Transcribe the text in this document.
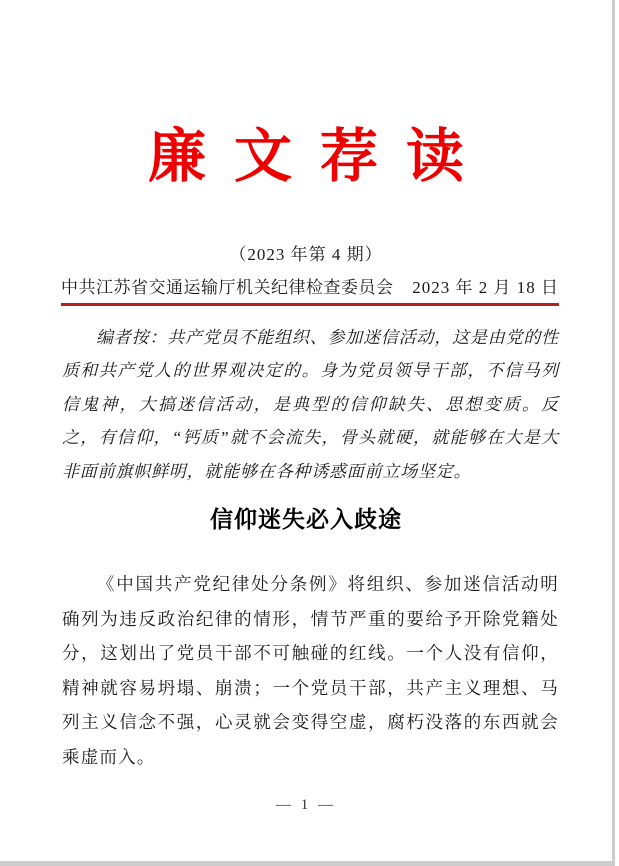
廉文荐读
（2023 年第 4 期）
中共江苏省交通运输厅机关纪律检查委员会 2023 年 2 月 18 日

编者按：共产党员不能组织、参加迷信活动，这是由党的性质和共产党人的世界观决定的。身为党员领导干部，不信马列信鬼神，大搞迷信活动，是典型的信仰缺失、思想变质。反之，有信仰，“钙质”就不会流失，骨头就硬，就能够在大是大非面前旗帜鲜明，就能够在各种诱惑面前立场坚定。

信仰迷失必入歧途

《中国共产党纪律处分条例》将组织、参加迷信活动明确列为违反政治纪律的情形，情节严重的要给予开除党籍处分，这划出了党员干部不可触碰的红线。一个人没有信仰，精神就容易坍塌、崩溃；一个党员干部，共产主义理想、马列主义信念不强，心灵就会变得空虚，腐朽没落的东西就会乘虚而入。

— 1 —
